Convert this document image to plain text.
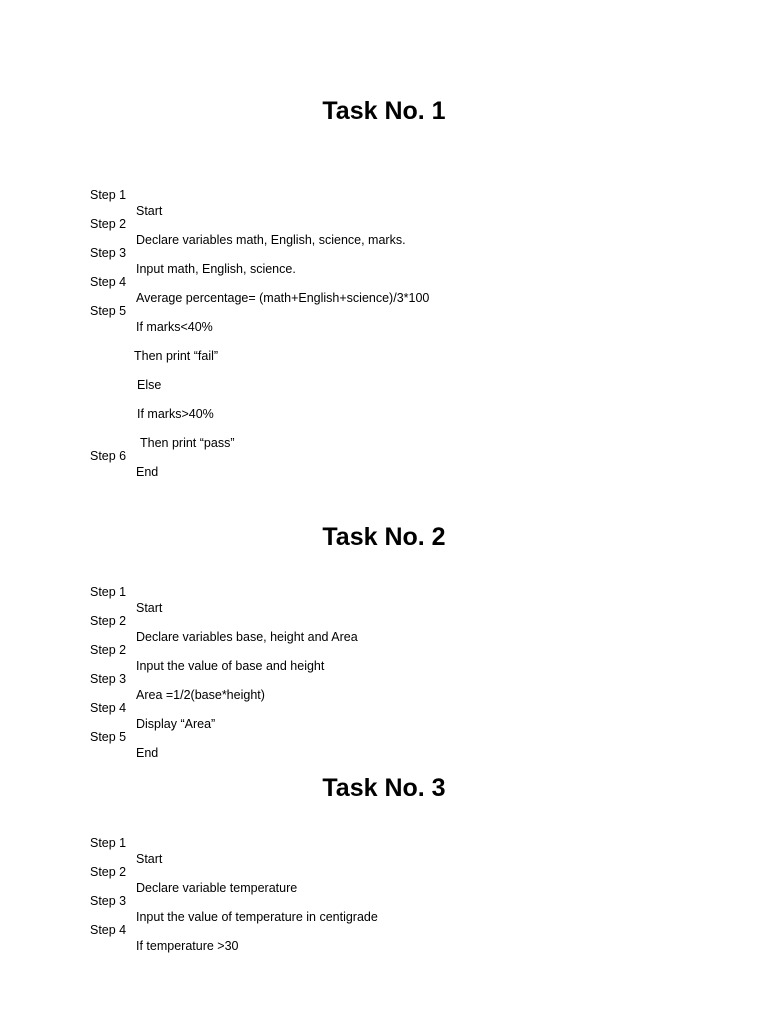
Task No. 1

Step 1

Start

Step 2

Declare variables math, English, science, marks.

Step 3

Input math, English, science.

Step 4

Average percentage= (math+English+science)/3*100

Step 5

If marks<40%

Then print “fail”

Else

If marks>40%

Then print “pass”

Step 6

End

Task No. 2

Step 1

Start

Step 2

Declare variables base, height and Area

Step 2

Input the value of base and height

Step 3

Area =1/2(base*height)

Step 4

Display “Area”

Step 5

End

Task No. 3

Step 1

Start

Step 2

Declare variable temperature

Step 3

Input the value of temperature in centigrade

Step 4

If temperature >30
